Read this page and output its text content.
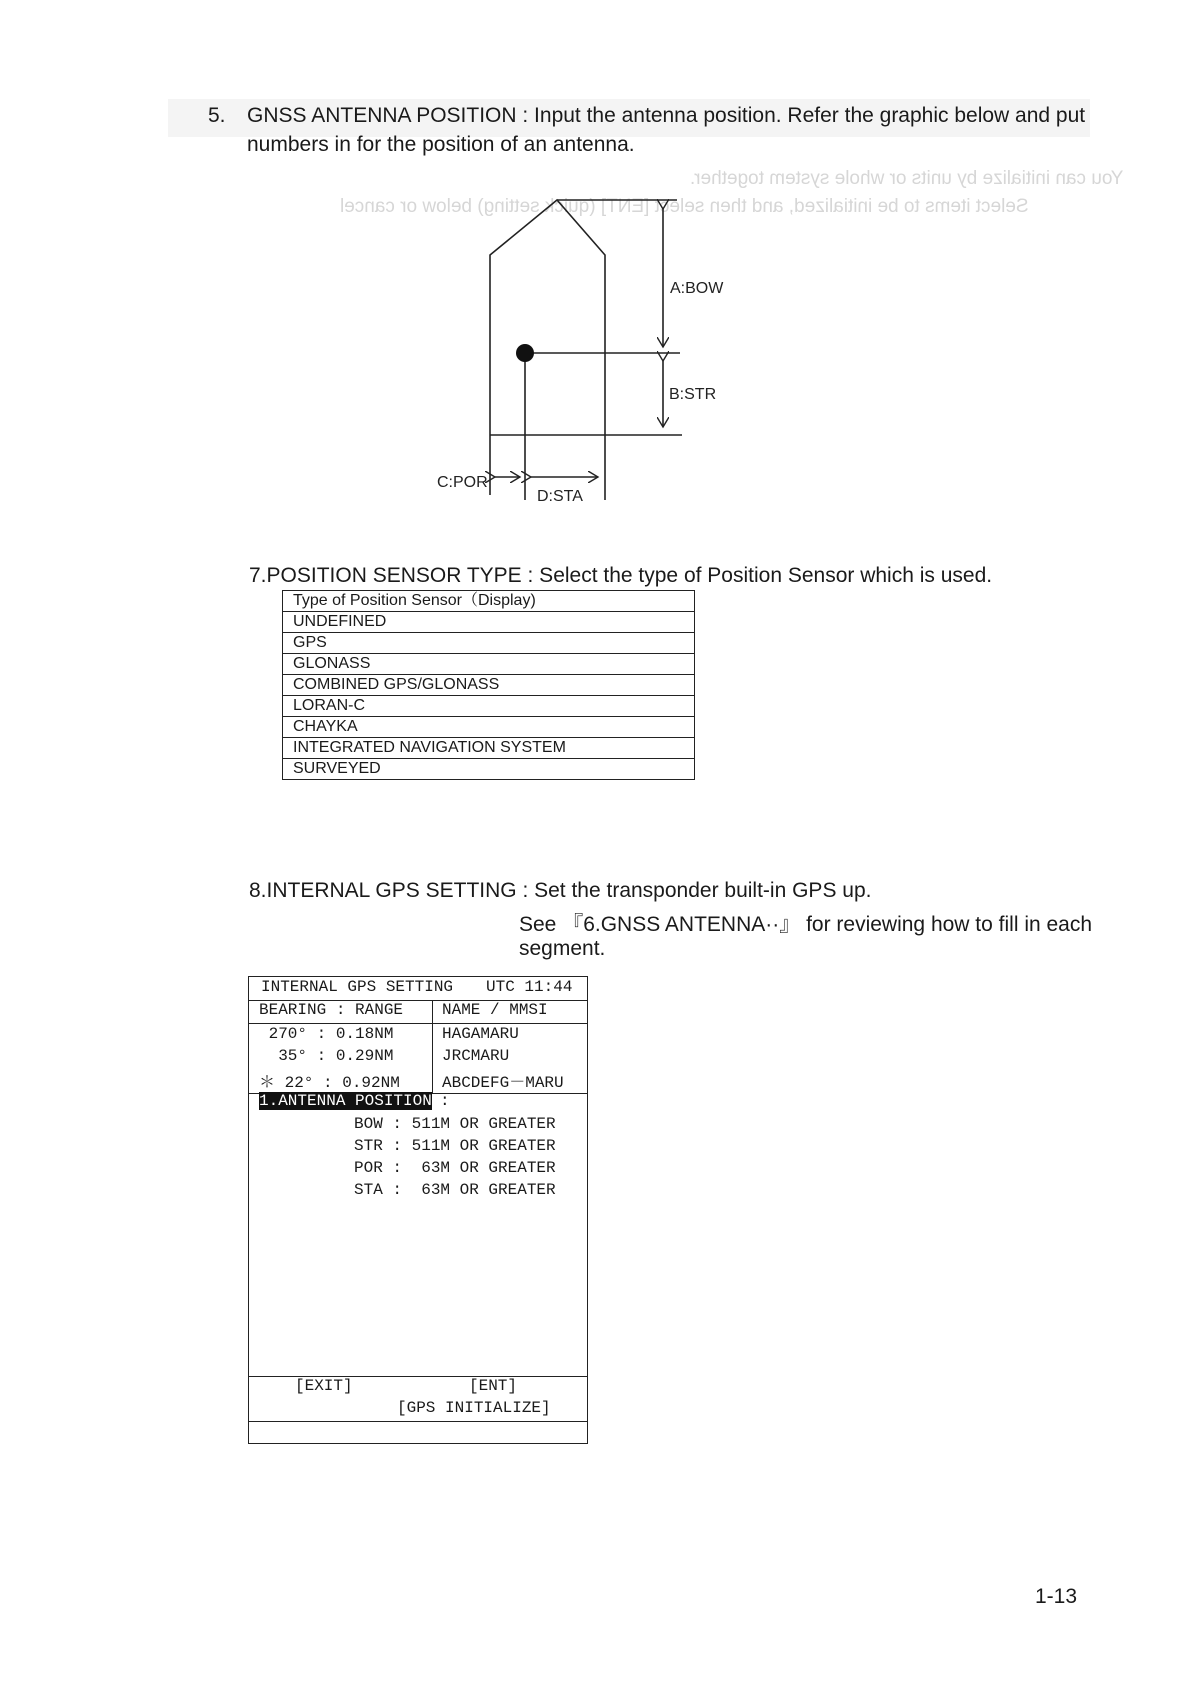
5. GNSS ANTENNA POSITION : Input the antenna position. Refer the graphic below and put
numbers in for the position of an antenna.
You can initialize by units or whole system together.
Select items to be initialized, and then select [ENT] (quick setting) below or cancel
A:BOW
B:STR
C:POR
D:STA
7.POSITION SENSOR TYPE : Select the type of Position Sensor which is used.
Type of Position Sensor（Display)
UNDEFINED
GPS
GLONASS
COMBINED GPS/GLONASS
LORAN-C
CHAYKA
INTEGRATED NAVIGATION SYSTEM
SURVEYED
8.INTERNAL GPS SETTING : Set the transponder built-in GPS up.
See 『6.GNSS ANTENNA··』 for reviewing how to fill in each
segment.
INTERNAL GPS SETTING UTC 11:44
BEARING : RANGE NAME / MMSI
270° : 0.18NM	HAGAMARU
35° : 0.29NM	JRCMARU
＊ 22° : 0.92NM	ABCDEFG－MARU
1.ANTENNA POSITION :
BOW : 511M OR GREATER
STR : 511M OR GREATER
POR :  63M OR GREATER
STA :  63M OR GREATER
[EXIT]	[ENT]
[GPS INITIALIZE]
1-13
